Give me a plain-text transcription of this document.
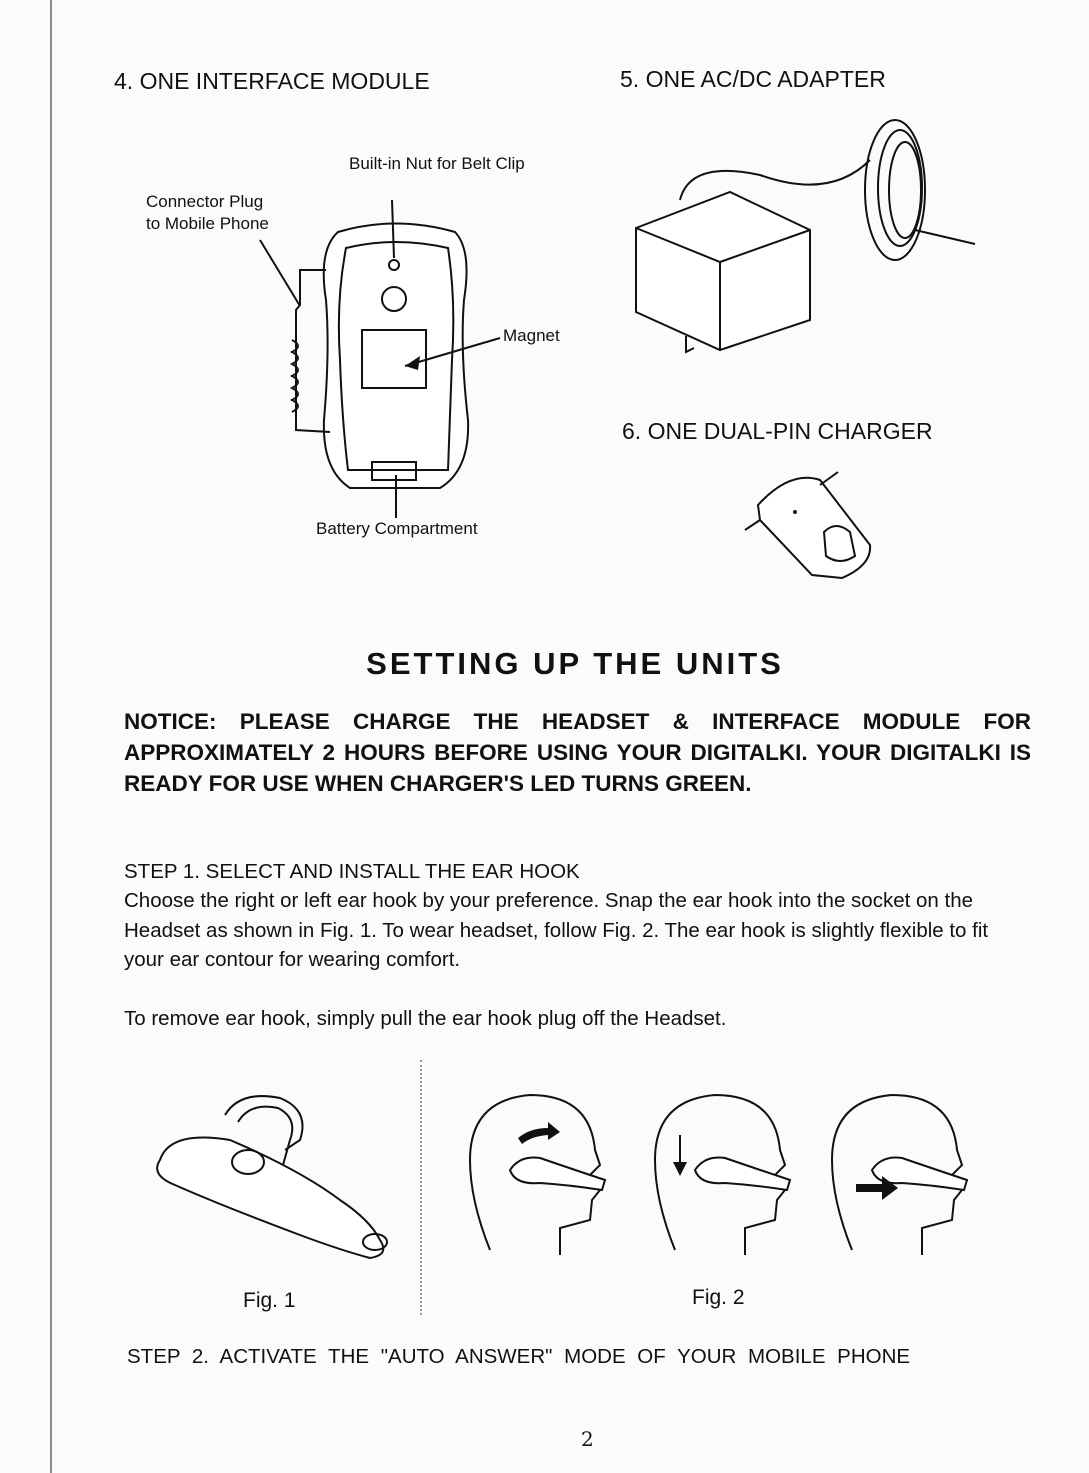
4. ONE INTERFACE MODULE	5. ONE AC/DC ADAPTER
6. ONE DUAL-PIN CHARGER
Built-in Nut for Belt Clip
Connector Plug
to Mobile Phone
Magnet
Battery Compartment
SETTING UP THE UNITS
NOTICE: PLEASE CHARGE THE HEADSET & INTERFACE MODULE FOR APPROXIMATELY 2 HOURS BEFORE USING YOUR DIGITALKI. YOUR DIGITALKI IS READY FOR USE WHEN CHARGER'S LED TURNS GREEN.
STEP 1. SELECT AND INSTALL THE EAR HOOK
Choose the right or left ear hook by your preference. Snap the ear hook into the socket on the Headset as shown in Fig. 1. To wear headset, follow Fig. 2. The ear hook is slightly flexible to fit your ear contour for wearing comfort.
To remove ear hook, simply pull the ear hook plug off the Headset.
Fig. 1	Fig. 2
STEP 2. ACTIVATE THE "AUTO ANSWER" MODE OF YOUR MOBILE PHONE
2
